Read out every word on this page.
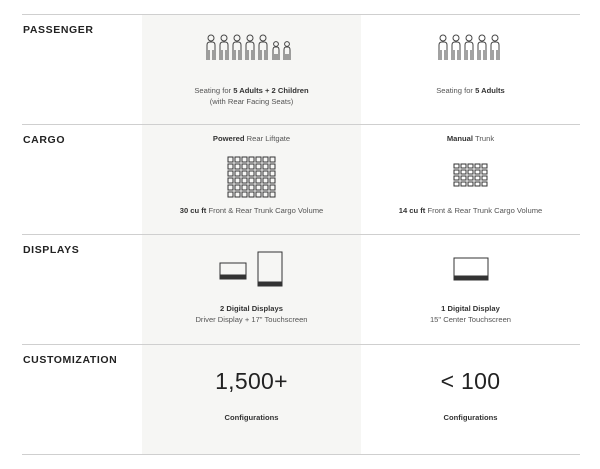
PASSENGER
Seating for 5 Adults + 2 Children
(with Rear Facing Seats)
Seating for 5 Adults
CARGO	Powered Rear Liftgate
30 cu ft Front & Rear Trunk Cargo Volume
Manual Trunk
14 cu ft Front & Rear Trunk Cargo Volume
DISPLAYS
2 Digital Displays
Driver Display + 17" Touchscreen
1 Digital Display
15" Center Touchscreen
CUSTOMIZATION
1,500+
Configurations
< 100
Configurations
